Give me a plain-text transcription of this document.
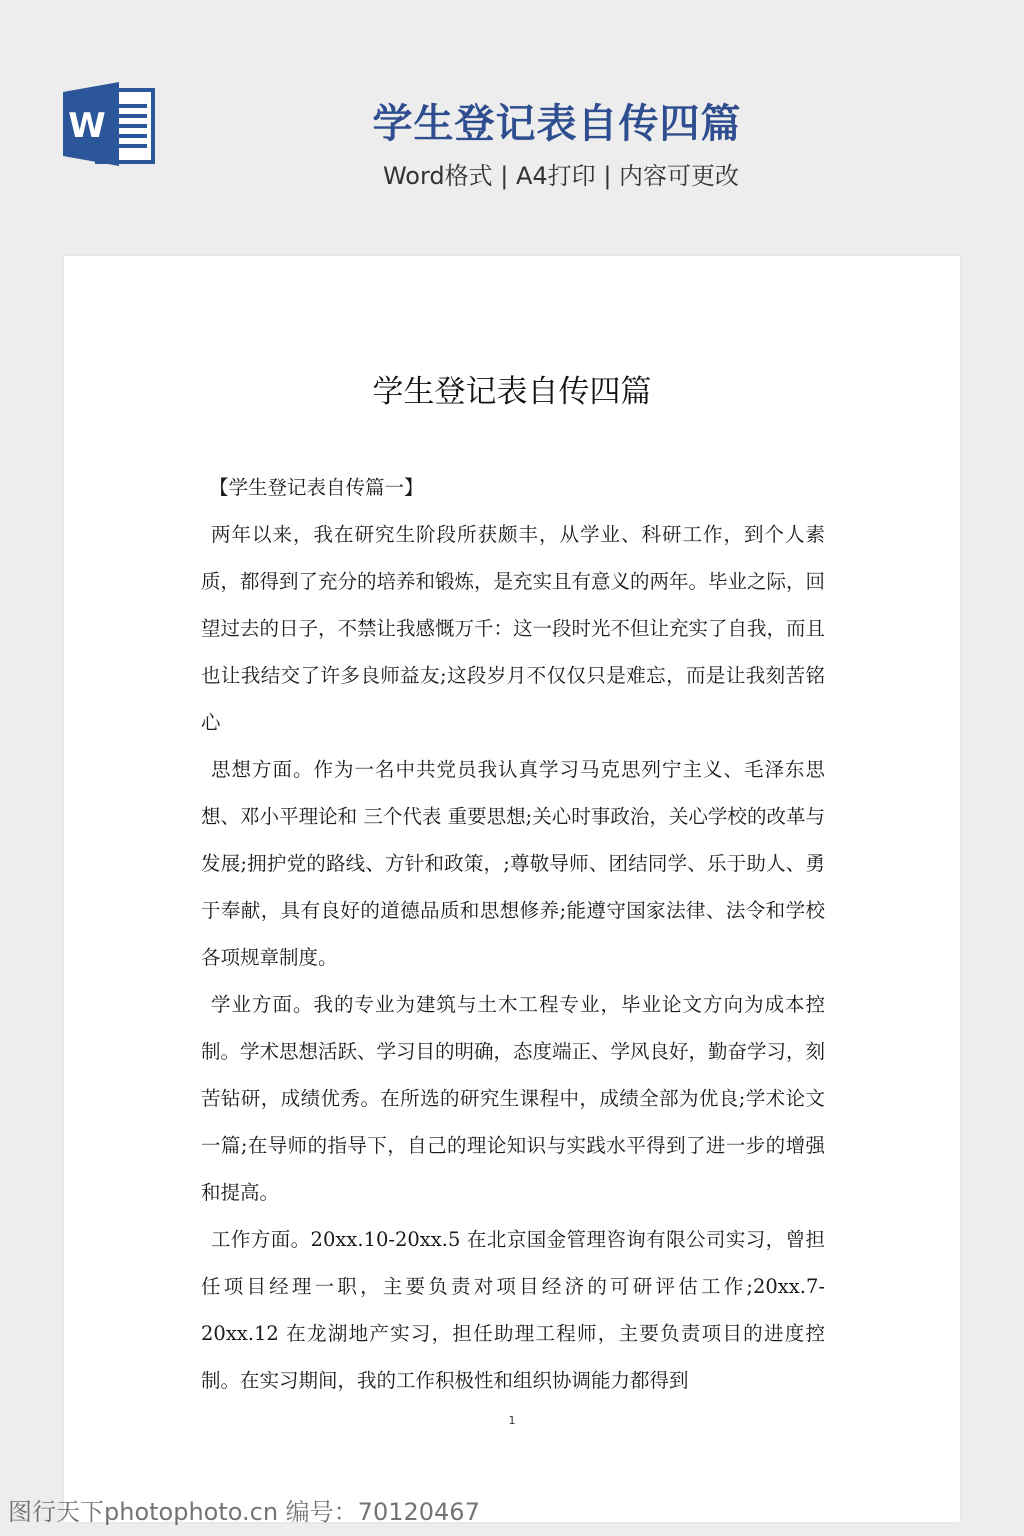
W	学生登记表自传四篇
Word格式 | A4打印 | 内容可更改
学生登记表自传四篇

【学生登记表自传篇一】

两年以来，我在研究生阶段所获颇丰，从学业、科研工作，到个人素质，都得到了充分的培养和锻炼，是充实且有意义的两年。毕业之际，回望过去的日子，不禁让我感慨万千：这一段时光不但让充实了自我，而且也让我结交了许多良师益友;这段岁月不仅仅只是难忘，而是让我刻苦铭心

思想方面。作为一名中共党员我认真学习马克思列宁主义、毛泽东思想、邓小平理论和 三个代表 重要思想;关心时事政治，关心学校的改革与发展;拥护党的路线、方针和政策，;尊敬导师、团结同学、乐于助人、勇于奉献，具有良好的道德品质和思想修养;能遵守国家法律、法令和学校各项规章制度。

学业方面。我的专业为建筑与土木工程专业，毕业论文方向为成本控制。学术思想活跃、学习目的明确，态度端正、学风良好，勤奋学习，刻苦钻研，成绩优秀。在所选的研究生课程中，成绩全部为优良;学术论文一篇;在导师的指导下，自己的理论知识与实践水平得到了进一步的增强和提高。

工作方面。20xx.10-20xx.5 在北京国金管理咨询有限公司实习，曾担任项目经理一职，主要负责对项目经济的可研评估工作;20xx.7-20xx.12 在龙湖地产实习，担任助理工程师，主要负责项目的进度控制。在实习期间，我的工作积极性和组织协调能力都得到

1
图行天下photophoto.cn 编号：70120467
